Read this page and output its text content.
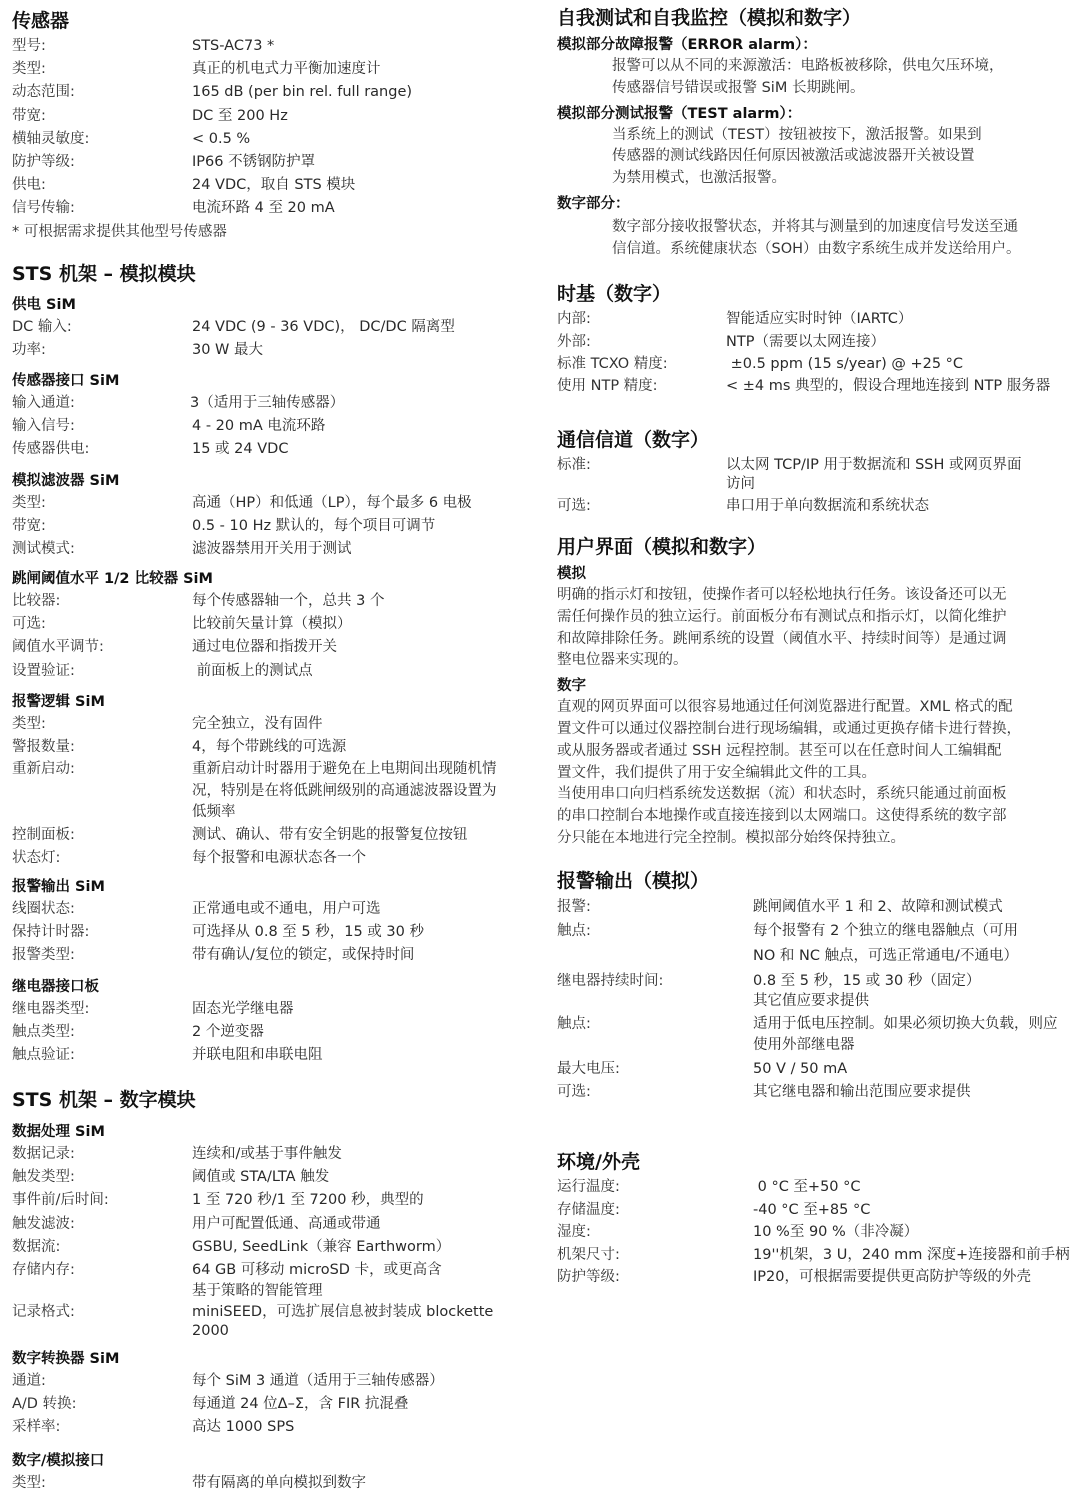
传感器
型号:	STS-AC73 *
类型:	真正的机电式力平衡加速度计
动态范围:	165 dB (per bin rel. full range)
带宽:	DC 至 200 Hz
横轴灵敏度:	< 0.5 %
防护等级:	IP66 不锈钢防护罩
供电:	24 VDC，取自 STS 模块
信号传输:	电流环路 4 至 20 mA
* 可根据需求提供其他型号传感器
STS 机架 – 模拟模块
供电 SiM
DC 输入:	24 VDC (9 - 36 VDC)， DC/DC 隔离型
功率:	30 W 最大
传感器接口 SiM
输入通道:	3（适用于三轴传感器）
输入信号:	4 - 20 mA 电流环路
传感器供电:	15 或 24 VDC
模拟滤波器 SiM
类型:	高通（HP）和低通（LP），每个最多 6 电极
带宽:	0.5 - 10 Hz 默认的，每个项目可调节
测试模式:	滤波器禁用开关用于测试
跳闸阈值水平 1/2 比较器 SiM
比较器:	每个传感器轴一个，总共 3 个
可选:	比较前矢量计算（模拟）
阈值水平调节:	通过电位器和指拨开关
设置验证:	前面板上的测试点
报警逻辑 SiM
类型:	完全独立，没有固件
警报数量:	4，每个带跳线的可选源
重新启动:	重新启动计时器用于避免在上电期间出现随机情况，特别是在将低跳闸级别的高通滤波器设置为低频率
控制面板:	测试、确认、带有安全钥匙的报警复位按钮
状态灯:	每个报警和电源状态各一个
报警输出 SiM
线圈状态:	正常通电或不通电，用户可选
保持计时器:	可选择从 0.8 至 5 秒，15 或 30 秒
报警类型:	带有确认/复位的锁定，或保持时间
继电器接口板
继电器类型:	固态光学继电器
触点类型:	2 个逆变器
触点验证:	并联电阻和串联电阻
STS 机架 – 数字模块
数据处理 SiM
数据记录:	连续和/或基于事件触发
触发类型:	阈值或 STA/LTA 触发
事件前/后时间:	1 至 720 秒/1 至 7200 秒，典型的
触发滤波:	用户可配置低通、高通或带通
数据流:	GSBU, SeedLink（兼容 Earthworm）
存储内存:	64 GB 可移动 microSD 卡，或更高含基于策略的智能管理
记录格式:	miniSEED，可选扩展信息被封装成 blockette 2000
数字转换器 SiM
通道:	每个 SiM 3 通道（适用于三轴传感器）
A/D 转换:	每通道 24 位Δ–Σ，含 FIR 抗混叠
采样率:	高达 1000 SPS
数字/模拟接口
类型:	带有隔离的单向模拟到数字
自我测试和自我监控（模拟和数字）
模拟部分故障报警（ERROR alarm）：
报警可以从不同的来源激活：电路板被移除，供电欠压环境，
传感器信号错误或报警 SiM 长期跳闸。
模拟部分测试报警（TEST alarm）：
当系统上的测试（TEST）按钮被按下，激活报警。如果到
传感器的测试线路因任何原因被激活或滤波器开关被设置
为禁用模式，也激活报警。
数字部分：
数字部分接收报警状态，并将其与测量到的加速度信号发送至通
信信道。系统健康状态（SOH）由数字系统生成并发送给用户。
时基（数字）
内部:	智能适应实时时钟（IARTC）
外部:	NTP（需要以太网连接）
标准 TCXO 精度:	±0.5 ppm (15 s/year) @ +25 °C
使用 NTP 精度:	< ±4 ms 典型的，假设合理地连接到 NTP 服务器
通信信道（数字）
标准:	以太网 TCP/IP 用于数据流和 SSH 或网页界面访问
可选:	串口用于单向数据流和系统状态
用户界面（模拟和数字）
模拟
明确的指示灯和按钮，使操作者可以轻松地执行任务。该设备还可以无
需任何操作员的独立运行。前面板分布有测试点和指示灯，以简化维护
和故障排除任务。跳闸系统的设置（阈值水平、持续时间等）是通过调
整电位器来实现的。
数字
直观的网页界面可以很容易地通过任何浏览器进行配置。XML 格式的配
置文件可以通过仪器控制台进行现场编辑，或通过更换存储卡进行替换，
或从服务器或者通过 SSH 远程控制。甚至可以在任意时间人工编辑配
置文件，我们提供了用于安全编辑此文件的工具。
当使用串口向归档系统发送数据（流）和状态时，系统只能通过前面板
的串口控制台本地操作或直接连接到以太网端口。这使得系统的数字部
分只能在本地进行完全控制。模拟部分始终保持独立。
报警输出（模拟）
报警:	跳闸阈值水平 1 和 2、故障和测试模式
触点:	每个报警有 2 个独立的继电器触点（可用 NO 和 NC 触点，可选正常通电/不通电）
继电器持续时间:	0.8 至 5 秒，15 或 30 秒（固定）其它值应要求提供
触点:	适用于低电压控制。如果必须切换大负载，则应使用外部继电器
最大电压:	50 V / 50 mA
可选:	其它继电器和输出范围应要求提供
环境/外壳
运行温度:	0 °C 至+50 °C
存储温度:	-40 °C 至+85 °C
湿度:	10 %至 90 %（非冷凝）
机架尺寸:	19''机架，3 U，240 mm 深度+连接器和前手柄
防护等级:	IP20，可根据需要提供更高防护等级的外壳
